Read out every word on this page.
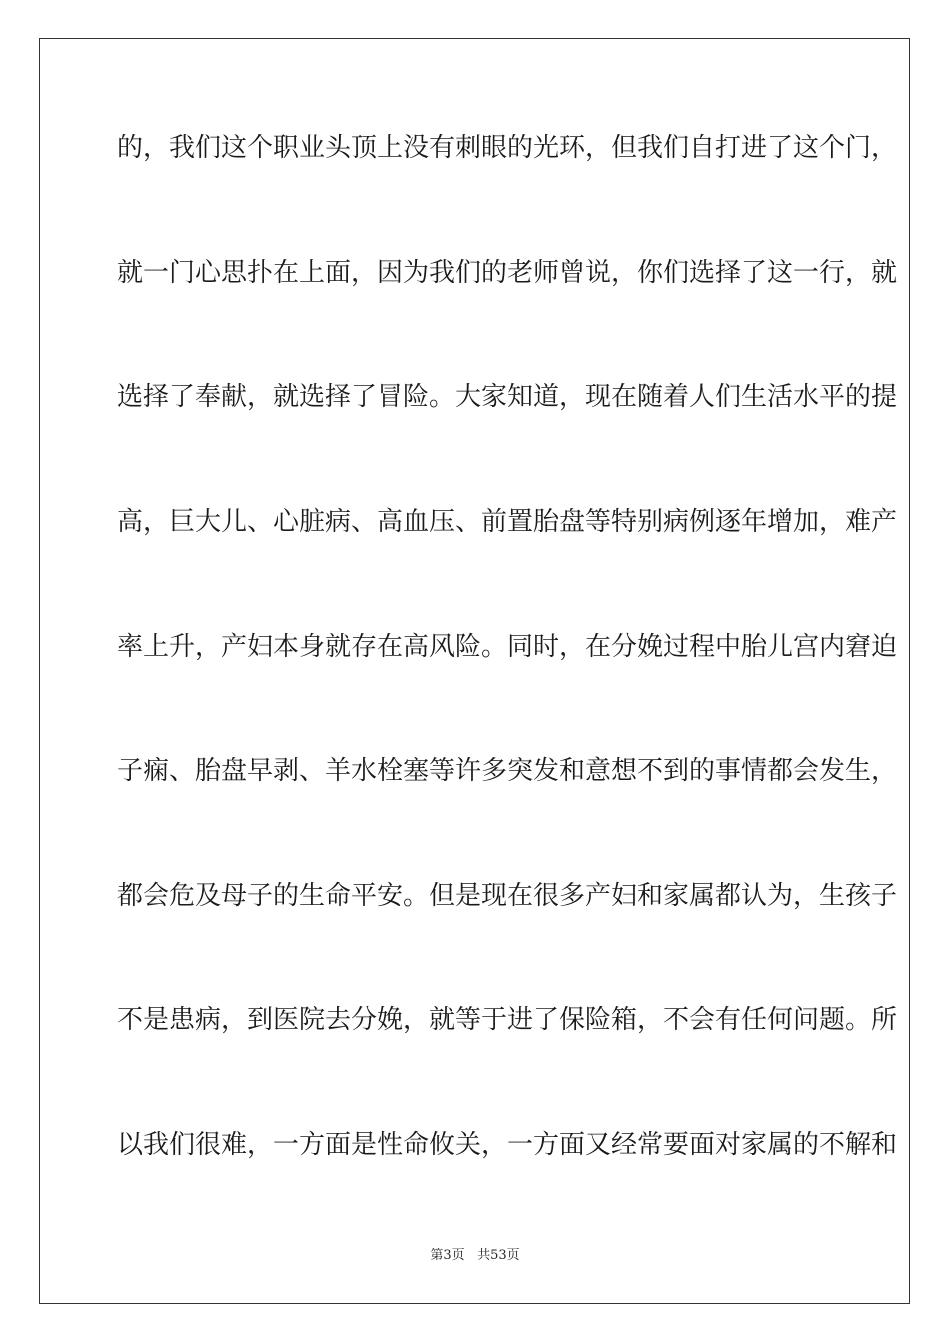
的，我们这个职业头顶上没有刺眼的光环，但我们自打进了这个门，
就一门心思扑在上面，因为我们的老师曾说，你们选择了这一行，就
选择了奉献，就选择了冒险。大家知道，现在随着人们生活水平的提
高，巨大儿、心脏病、高血压、前置胎盘等特别病例逐年增加，难产
率上升，产妇本身就存在高风险。同时，在分娩过程中胎儿宫内窘迫
子痫、胎盘早剥、羊水栓塞等许多突发和意想不到的事情都会发生，
都会危及母子的生命平安。但是现在很多产妇和家属都认为，生孩子
不是患病，到医院去分娩，就等于进了保险箱，不会有任何问题。所
第3页 共53页
以我们很难，一方面是性命攸关，一方面又经常要面对家属的不解和
